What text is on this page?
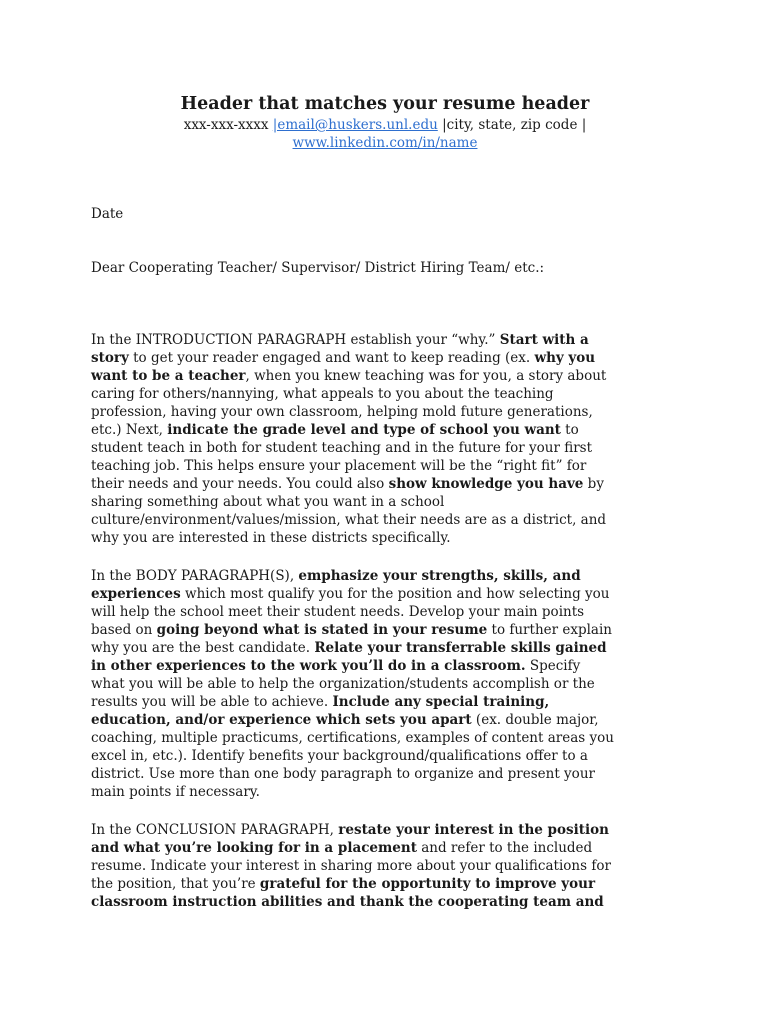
Header that matches your resume header
xxx-xxx-xxxx |email@huskers.unl.edu |city, state, zip code |
www.linkedin.com/in/name
Date
Dear Cooperating Teacher/ Supervisor/ District Hiring Team/ etc.:
In the INTRODUCTION PARAGRAPH establish your “why.” Start with a
story to get your reader engaged and want to keep reading (ex. why you
want to be a teacher, when you knew teaching was for you, a story about
caring for others/nannying, what appeals to you about the teaching
profession, having your own classroom, helping mold future generations,
etc.) Next, indicate the grade level and type of school you want to
student teach in both for student teaching and in the future for your first
teaching job. This helps ensure your placement will be the “right fit” for
their needs and your needs. You could also show knowledge you have by
sharing something about what you want in a school
culture/environment/values/mission, what their needs are as a district, and
why you are interested in these districts specifically.
In the BODY PARAGRAPH(S), emphasize your strengths, skills, and
experiences which most qualify you for the position and how selecting you
will help the school meet their student needs. Develop your main points
based on going beyond what is stated in your resume to further explain
why you are the best candidate. Relate your transferrable skills gained
in other experiences to the work you’ll do in a classroom. Specify
what you will be able to help the organization/students accomplish or the
results you will be able to achieve. Include any special training,
education, and/or experience which sets you apart (ex. double major,
coaching, multiple practicums, certifications, examples of content areas you
excel in, etc.). Identify benefits your background/qualifications offer to a
district. Use more than one body paragraph to organize and present your
main points if necessary.
In the CONCLUSION PARAGRAPH, restate your interest in the position
and what you’re looking for in a placement and refer to the included
resume. Indicate your interest in sharing more about your qualifications for
the position, that you’re grateful for the opportunity to improve your
classroom instruction abilities and thank the cooperating team and
